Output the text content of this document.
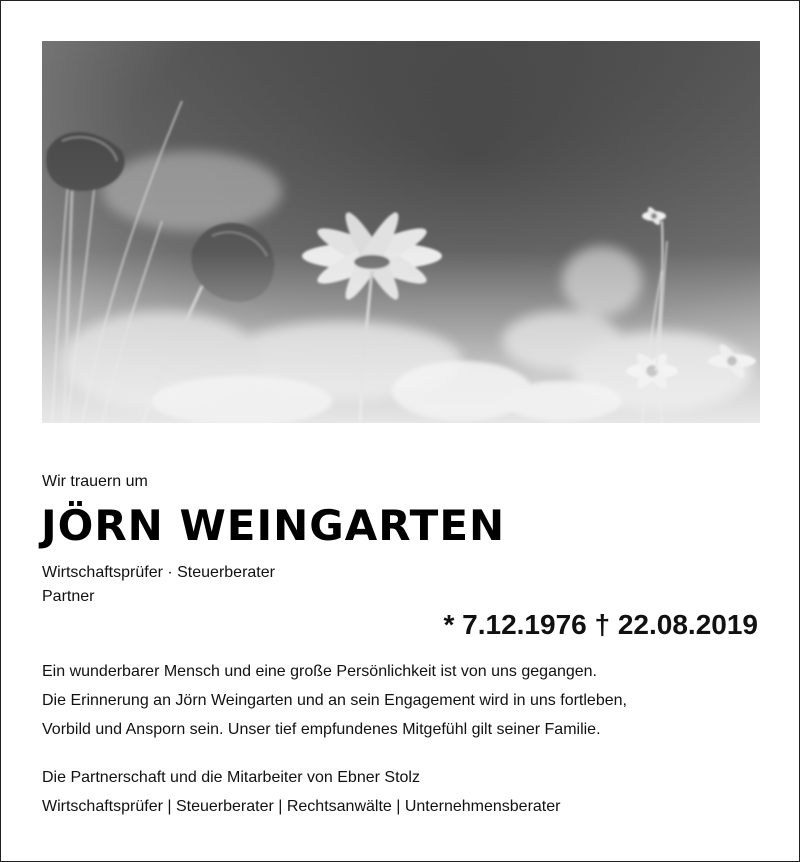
Wir trauern um
JÖRN WEINGARTEN
Wirtschaftsprüfer · Steuerberater
Partner
* 7.12.1976 † 22.08.2019
Ein wunderbarer Mensch und eine große Persönlichkeit ist von uns gegangen.
Die Erinnerung an Jörn Weingarten und an sein Engagement wird in uns fortleben,
Vorbild und Ansporn sein. Unser tief empfundenes Mitgefühl gilt seiner Familie.
Die Partnerschaft und die Mitarbeiter von Ebner Stolz
Wirtschaftsprüfer | Steuerberater | Rechtsanwälte | Unternehmensberater
